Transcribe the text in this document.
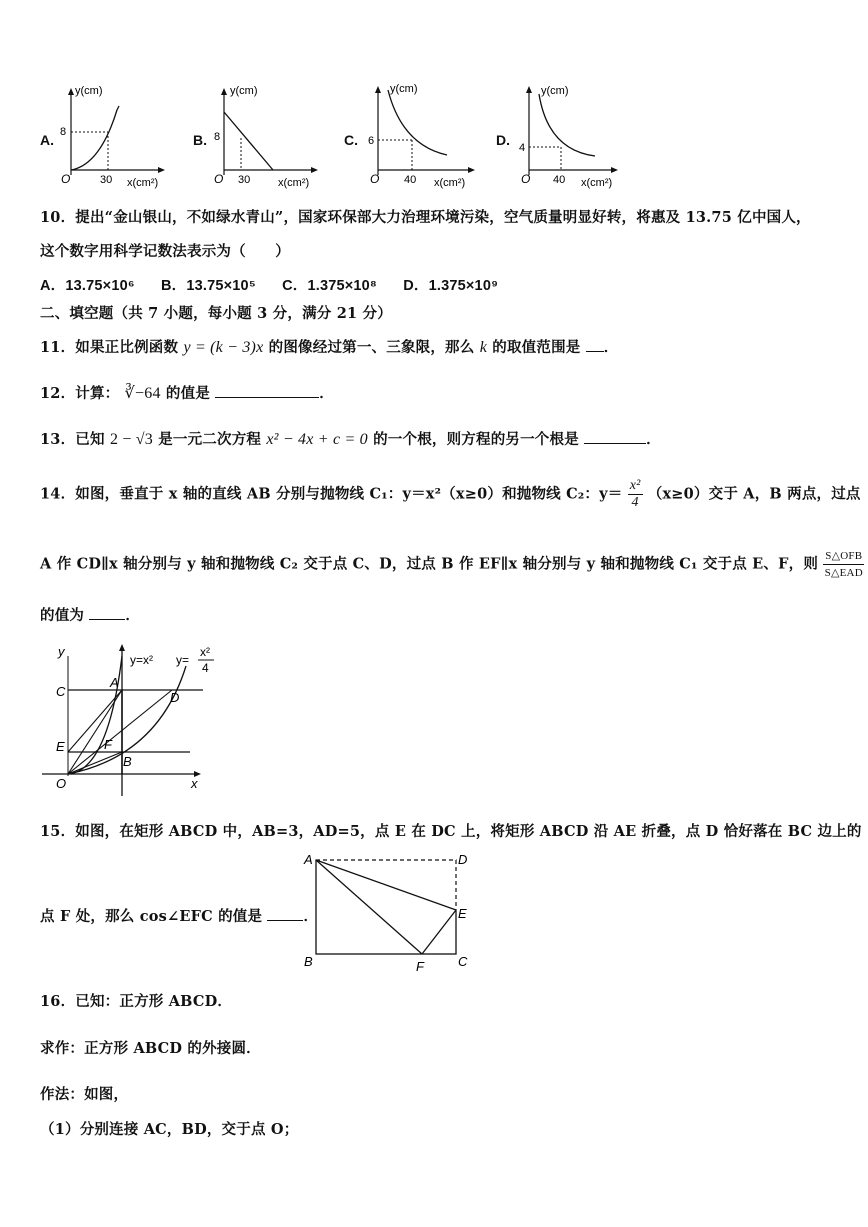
A.
y(cm)
8
30
O	x(cm²)
B.
y(cm)
8
30
O	x(cm²)
C.
y(cm)
6
40
O	x(cm²)
D.
y(cm)
4
40
O	x(cm²)
10．提出“金山银山，不如绿水青山”，国家环保部大力治理环境污染，空气质量明显好转，将惠及 13.75 亿中国人，
这个数字用科学记数法表示为（　　）
A．13.75×10⁶ B．13.75×10⁵ C．1.375×10⁸ D．1.375×10⁹
二、填空题（共 7 小题，每小题 3 分，满分 21 分）
11．如果正比例函数 y = (k − 3)x 的图像经过第一、三象限，那么 k 的取值范围是 ．
12．计算： ∛−64 的值是	．
13．已知 2 − √3 是一元二次方程 x² − 4x + c = 0 的一个根，则方程的另一个根是	．
14．如图，垂直于 x 轴的直线 AB 分别与抛物线 C₁：y＝x²（x≥0）和抛物线 C₂：$y= \frac{\text{x²}}{4} (x\ge 0)$交于 A，B 两点，过点
A 作 CD∥x 轴分别与 y 轴和抛物线 C₂ 交于点 C、D，过点 B 作 EF∥x 轴分别与 y 轴和抛物线 C₁ 交于点 E、F，则 $\frac{\text{S△OFB}}{\text{S△EAD}}$
的值为	．
y
x
y=x² y=
x²
4
A
B
C	D
E	F
O
15．如图，在矩形 ABCD 中，AB=3，AD=5，点 E 在 DC 上，将矩形 ABCD 沿 AE 折叠，点 D 恰好落在 BC 边上的
点 F 处，那么 cos∠EFC 的值是	．
A
B	C
D
E
F
16．已知：正方形 ABCD．
求作：正方形 ABCD 的外接圆．
作法：如图，
（1）分别连接 AC，BD，交于点 O；
